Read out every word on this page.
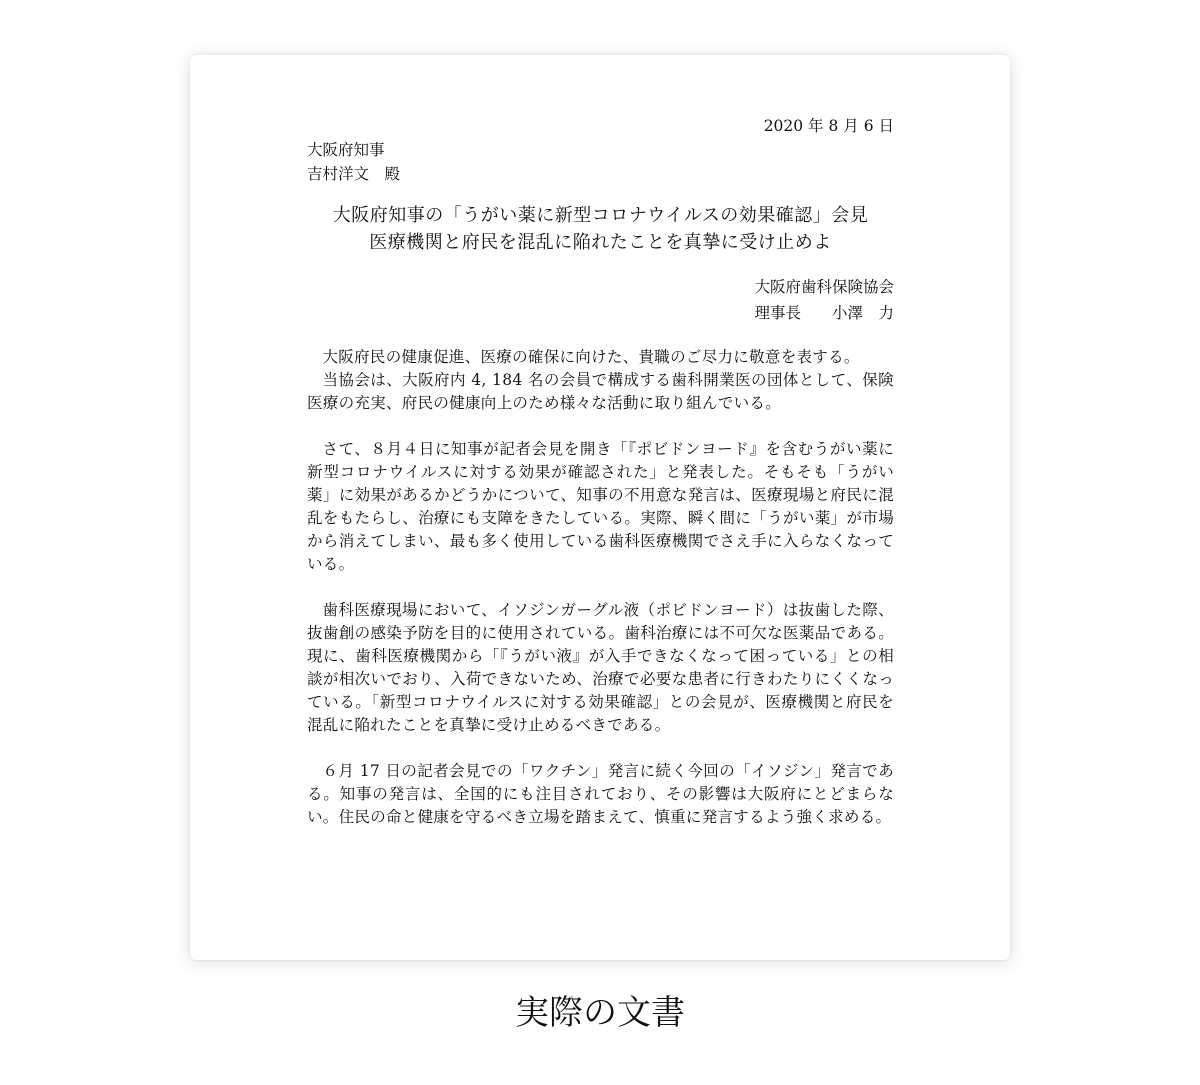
2020 年 8 月 6 日
大阪府知事
吉村洋文　殿
大阪府知事の「うがい薬に新型コロナウイルスの効果確認」会見
医療機関と府民を混乱に陥れたことを真摯に受け止めよ
大阪府歯科保険協会
理事長　　小澤　力
大阪府民の健康促進、医療の確保に向けた、貴職のご尽力に敬意を表する。
当協会は、大阪府内 4, 184 名の会員で構成する歯科開業医の団体として、保険医療の充実、府民の健康向上のため様々な活動に取り組んでいる。
さて、８月４日に知事が記者会見を開き「『ポビドンヨード』を含むうがい薬に新型コロナウイルスに対する効果が確認された」と発表した。そもそも「うがい薬」に効果があるかどうかについて、知事の不用意な発言は、医療現場と府民に混乱をもたらし、治療にも支障をきたしている。実際、瞬く間に「うがい薬」が市場から消えてしまい、最も多く使用している歯科医療機関でさえ手に入らなくなっている。
歯科医療現場において、イソジンガーグル液（ポビドンヨード）は抜歯した際、抜歯創の感染予防を目的に使用されている。歯科治療には不可欠な医薬品である。現に、歯科医療機関から「『うがい液』が入手できなくなって困っている」との相談が相次いでおり、入荷できないため、治療で必要な患者に行きわたりにくくなっている。「新型コロナウイルスに対する効果確認」との会見が、医療機関と府民を混乱に陥れたことを真摯に受け止めるべきである。
６月 17 日の記者会見での「ワクチン」発言に続く今回の「イソジン」発言である。知事の発言は、全国的にも注目されており、その影響は大阪府にとどまらない。住民の命と健康を守るべき立場を踏まえて、慎重に発言するよう強く求める。
実際の文書
